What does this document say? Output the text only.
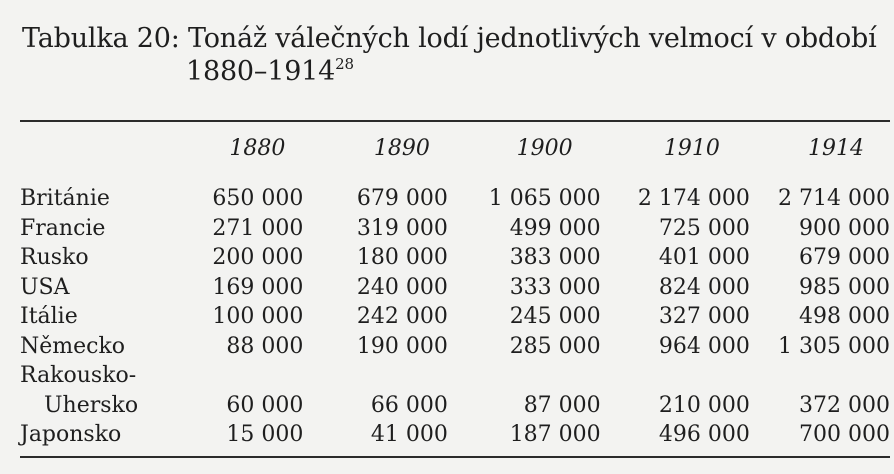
Tabulka 20: Tonáž válečných lodí jednotlivých velmocí v období
1880–1914$^{28}$
	1880	1890	1900	1910	1914
Británie	650 000	679 000	1 065 000	2 174 000	2 714 000
Francie	271 000	319 000	499 000	725 000	900 000
Rusko	200 000	180 000	383 000	401 000	679 000
USA	169 000	240 000	333 000	824 000	985 000
Itálie	100 000	242 000	245 000	327 000	498 000
Německo	88 000	190 000	285 000	964 000	1 305 000
Rakousko-					
Uhersko	60 000	66 000	87 000	210 000	372 000
Japonsko	15 000	41 000	187 000	496 000	700 000
